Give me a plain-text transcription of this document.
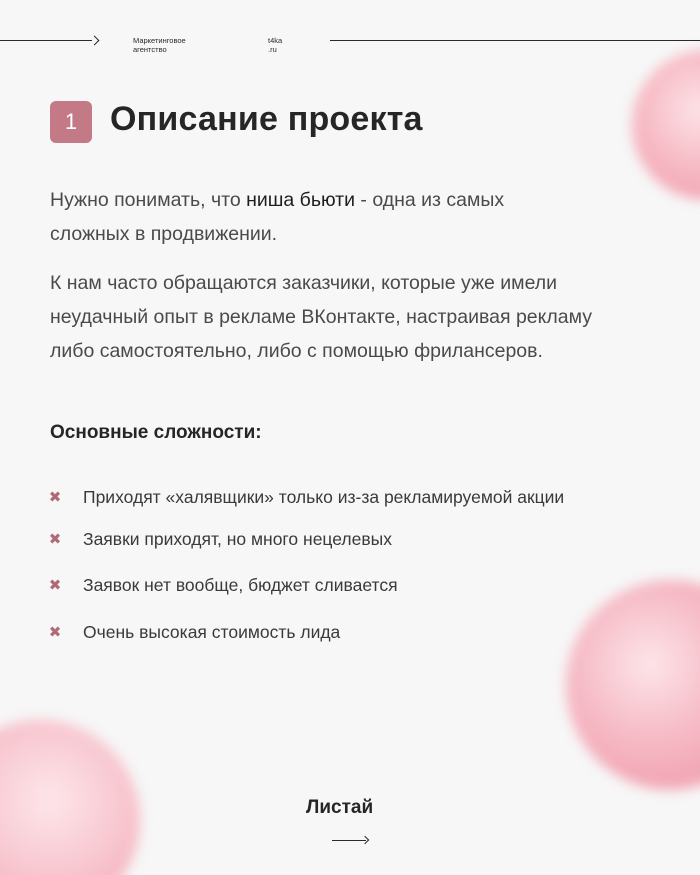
Маркетинговое
агентство
t4ka
.ru
1 Описание проекта

Нужно понимать, что ниша бьюти - одна из самых сложных в продвижении.

К нам часто обращаются заказчики, которые уже имели
неудачный опыт в рекламе ВКонтакте, настраивая рекламу
либо самостоятельно, либо с помощью фрилансеров.

Основные сложности:
✖ Приходят «халявщики» только из-за рекламируемой акции
✖ Заявки приходят, но много нецелевых
✖ Заявок нет вообще, бюджет сливается
✖ Очень высокая стоимость лида
Листай
